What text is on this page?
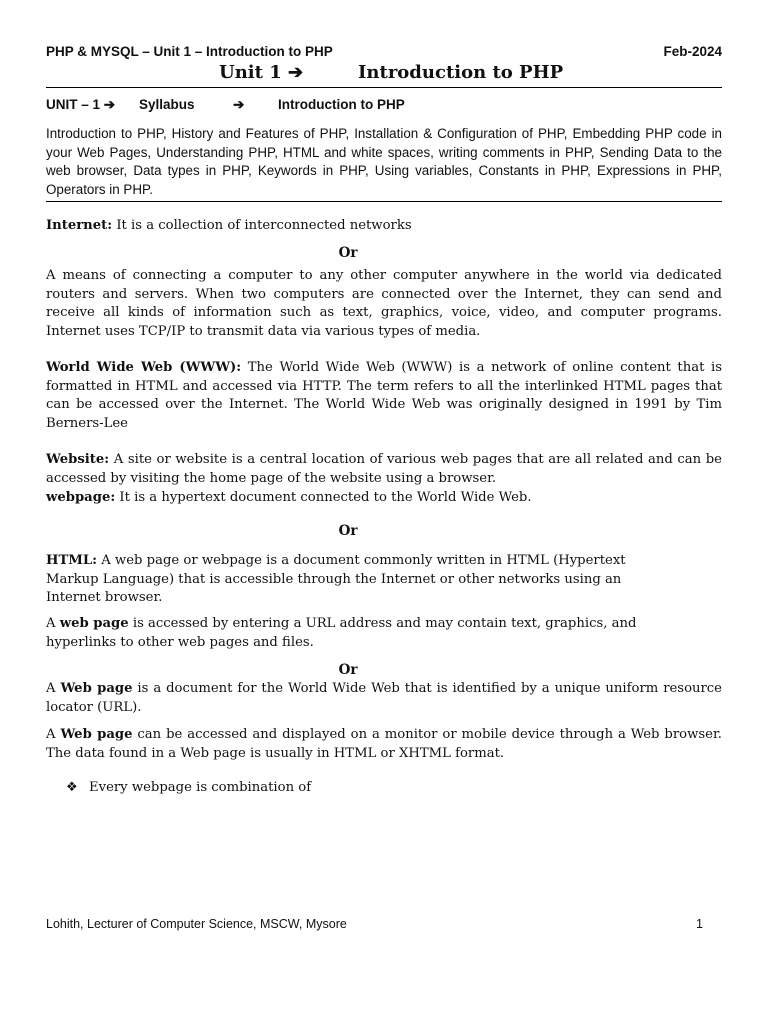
PHP & MYSQL – Unit 1 – Introduction to PHP	Feb-2024
Unit 1 ➔	Introduction to PHP
UNIT – 1 ➔ Syllabus	➔ Introduction to PHP
Introduction to PHP, History and Features of PHP, Installation & Configuration of PHP, Embedding PHP code in your Web Pages, Understanding PHP, HTML and white spaces, writing comments in PHP, Sending Data to the web browser, Data types in PHP, Keywords in PHP, Using variables, Constants in PHP, Expressions in PHP, Operators in PHP.
Internet: It is a collection of interconnected networks
Or
A means of connecting a computer to any other computer anywhere in the world via dedicated routers and servers. When two computers are connected over the Internet, they can send and receive all kinds of information such as text, graphics, voice, video, and computer programs. Internet uses TCP/IP to transmit data via various types of media.
World Wide Web (WWW): The World Wide Web (WWW) is a network of online content that is formatted in HTML and accessed via HTTP. The term refers to all the interlinked HTML pages that can be accessed over the Internet. The World Wide Web was originally designed in 1991 by Tim Berners-Lee
Website: A site or website is a central location of various web pages that are all related and can be accessed by visiting the home page of the website using a browser.
webpage: It is a hypertext document connected to the World Wide Web.
Or
HTML: A web page or webpage is a document commonly written in HTML (Hypertext Markup Language) that is accessible through the Internet or other networks using an Internet browser.
A web page is accessed by entering a URL address and may contain text, graphics, and hyperlinks to other web pages and files.
Or
A Web page is a document for the World Wide Web that is identified by a unique uniform resource locator (URL).
A Web page can be accessed and displayed on a monitor or mobile device through a Web browser. The data found in a Web page is usually in HTML or XHTML format.
❖ Every webpage is combination of
Lohith, Lecturer of Computer Science, MSCW, Mysore	1
